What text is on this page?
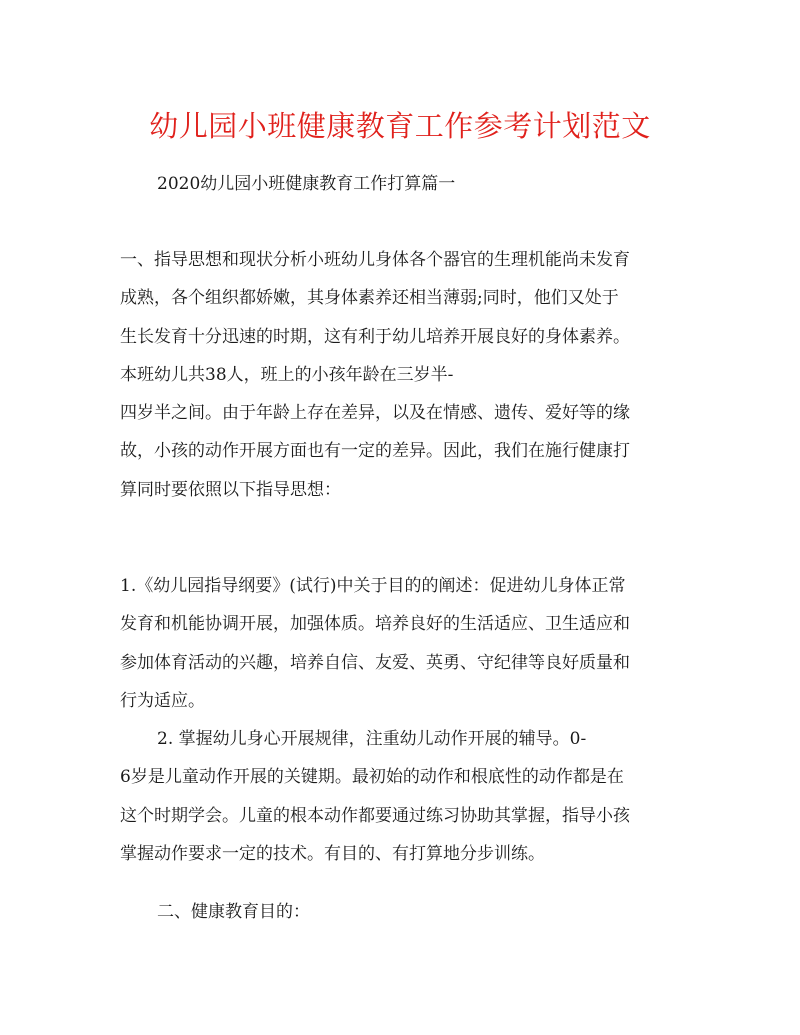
幼儿园小班健康教育工作参考计划范文
2020幼儿园小班健康教育工作打算篇一
一、指导思想和现状分析小班幼儿身体各个器官的生理机能尚未发育
成熟，各个组织都娇嫩，其身体素养还相当薄弱;同时，他们又处于
生长发育十分迅速的时期，这有利于幼儿培养开展良好的身体素养。
本班幼儿共38人，班上的小孩年龄在三岁半-
四岁半之间。由于年龄上存在差异，以及在情感、遗传、爱好等的缘
故，小孩的动作开展方面也有一定的差异。因此，我们在施行健康打
算同时要依照以下指导思想：
1.《幼儿园指导纲要》(试行)中关于目的的阐述：促进幼儿身体正常
发育和机能协调开展，加强体质。培养良好的生活适应、卫生适应和
参加体育活动的兴趣，培养自信、友爱、英勇、守纪律等良好质量和
行为适应。
2. 掌握幼儿身心开展规律，注重幼儿动作开展的辅导。0-
6岁是儿童动作开展的关键期。最初始的动作和根底性的动作都是在
这个时期学会。儿童的根本动作都要通过练习协助其掌握，指导小孩
掌握动作要求一定的技术。有目的、有打算地分步训练。
二、健康教育目的：
